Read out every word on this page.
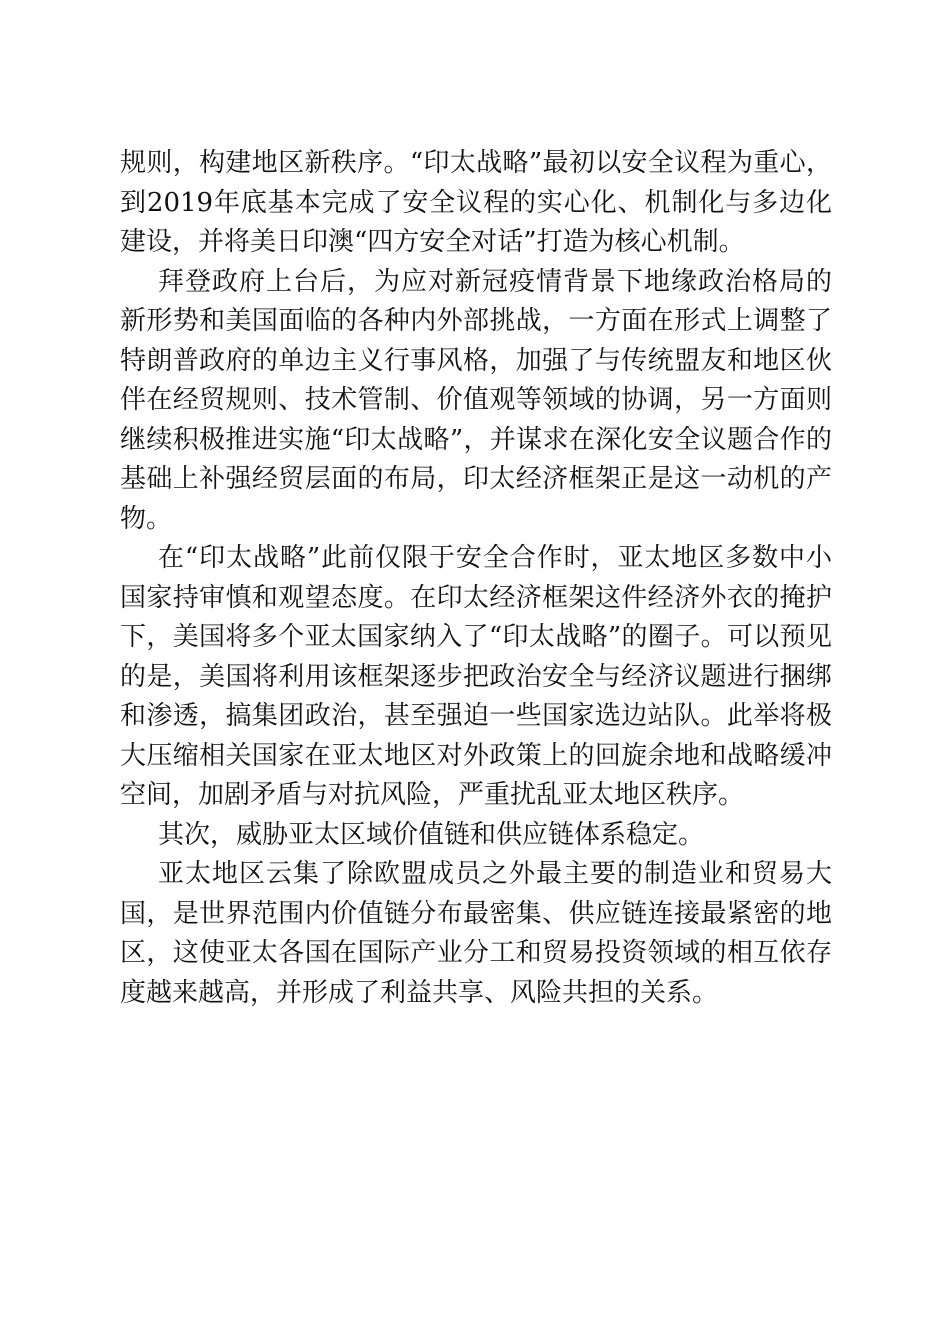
规则，构建地区新秩序。“印太战略”最初以安全议程为重心，到2019年底基本完成了安全议程的实心化、机制化与多边化建设，并将美日印澳“四方安全对话”打造为核心机制。

拜登政府上台后，为应对新冠疫情背景下地缘政治格局的新形势和美国面临的各种内外部挑战，一方面在形式上调整了特朗普政府的单边主义行事风格，加强了与传统盟友和地区伙伴在经贸规则、技术管制、价值观等领域的协调，另一方面则继续积极推进实施“印太战略”，并谋求在深化安全议题合作的基础上补强经贸层面的布局，印太经济框架正是这一动机的产物。

在“印太战略”此前仅限于安全合作时，亚太地区多数中小国家持审慎和观望态度。在印太经济框架这件经济外衣的掩护下，美国将多个亚太国家纳入了“印太战略”的圈子。可以预见的是，美国将利用该框架逐步把政治安全与经济议题进行捆绑和渗透，搞集团政治，甚至强迫一些国家选边站队。此举将极大压缩相关国家在亚太地区对外政策上的回旋余地和战略缓冲空间，加剧矛盾与对抗风险，严重扰乱亚太地区秩序。

其次，威胁亚太区域价值链和供应链体系稳定。

亚太地区云集了除欧盟成员之外最主要的制造业和贸易大国，是世界范围内价值链分布最密集、供应链连接最紧密的地区，这使亚太各国在国际产业分工和贸易投资领域的相互依存度越来越高，并形成了利益共享、风险共担的关系。
